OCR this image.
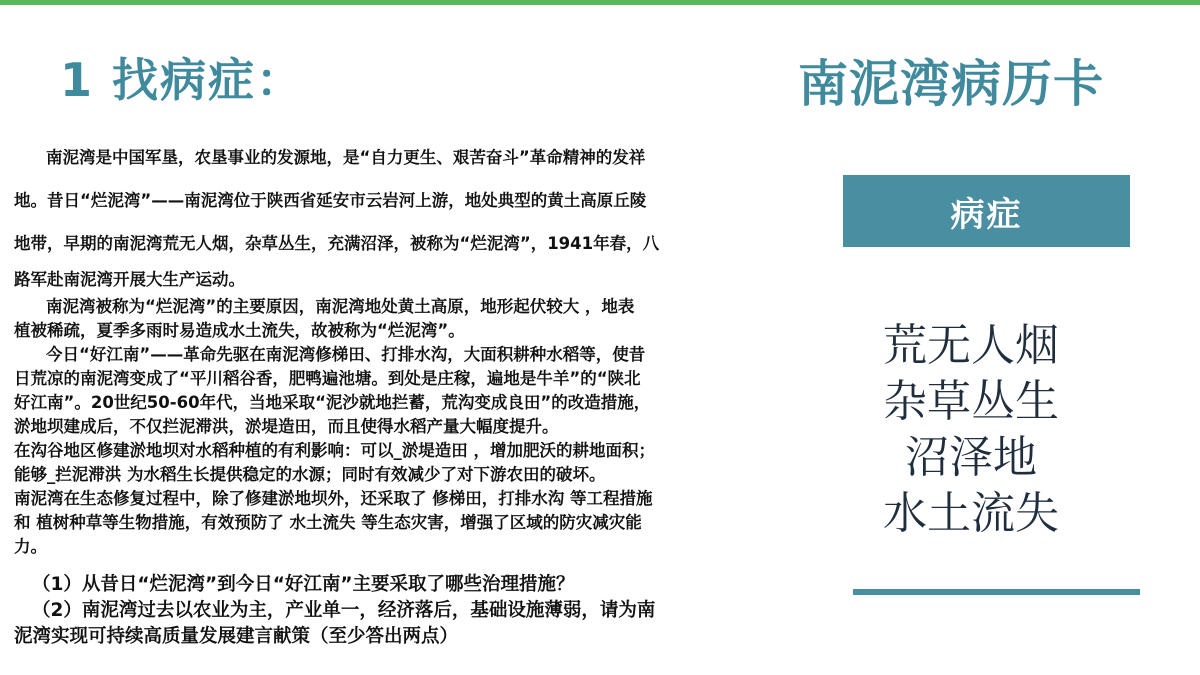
1 找病症：	南泥湾病历卡

南泥湾是中国军垦，农垦事业的发源地，是“自力更生、艰苦奋斗”革命精神的发祥

地。昔日“烂泥湾”——南泥湾位于陕西省延安市云岩河上游，地处典型的黄土高原丘陵

地带，早期的南泥湾荒无人烟，杂草丛生，充满沼泽，被称为“烂泥湾”，1941年春，八

路军赴南泥湾开展大生产运动。

南泥湾被称为“烂泥湾”的主要原因，南泥湾地处黄土高原，地形起伏较大 ，地表

植被稀疏，夏季多雨时易造成水土流失，故被称为“烂泥湾”。

今日“好江南”——革命先驱在南泥湾修梯田、打排水沟，大面积耕种水稻等，使昔

日荒凉的南泥湾变成了“平川稻谷香，肥鸭遍池塘。到处是庄稼，遍地是牛羊”的“陕北

好江南”。20世纪50-60年代，当地采取“泥沙就地拦蓄，荒沟变成良田”的改造措施，

淤地坝建成后，不仅拦泥滞洪，淤堤造田，而且使得水稻产量大幅度提升。

在沟谷地区修建淤地坝对水稻种植的有利影响：可以_淤堤造田 ，增加肥沃的耕地面积；

能够_拦泥滞洪 为水稻生长提供稳定的水源；同时有效减少了对下游农田的破坏。

南泥湾在生态修复过程中，除了修建淤地坝外，还采取了 修梯田，打排水沟 等工程措施

和 植树种草等生物措施，有效预防了 水土流失 等生态灾害，增强了区域的防灾减灾能

力。

（1）从昔日“烂泥湾”到今日“好江南”主要采取了哪些治理措施？

（2）南泥湾过去以农业为主，产业单一，经济落后，基础设施薄弱，请为南

泥湾实现可持续高质量发展建言献策（至少答出两点）

病症
荒无人烟
杂草丛生
沼泽地
水土流失
